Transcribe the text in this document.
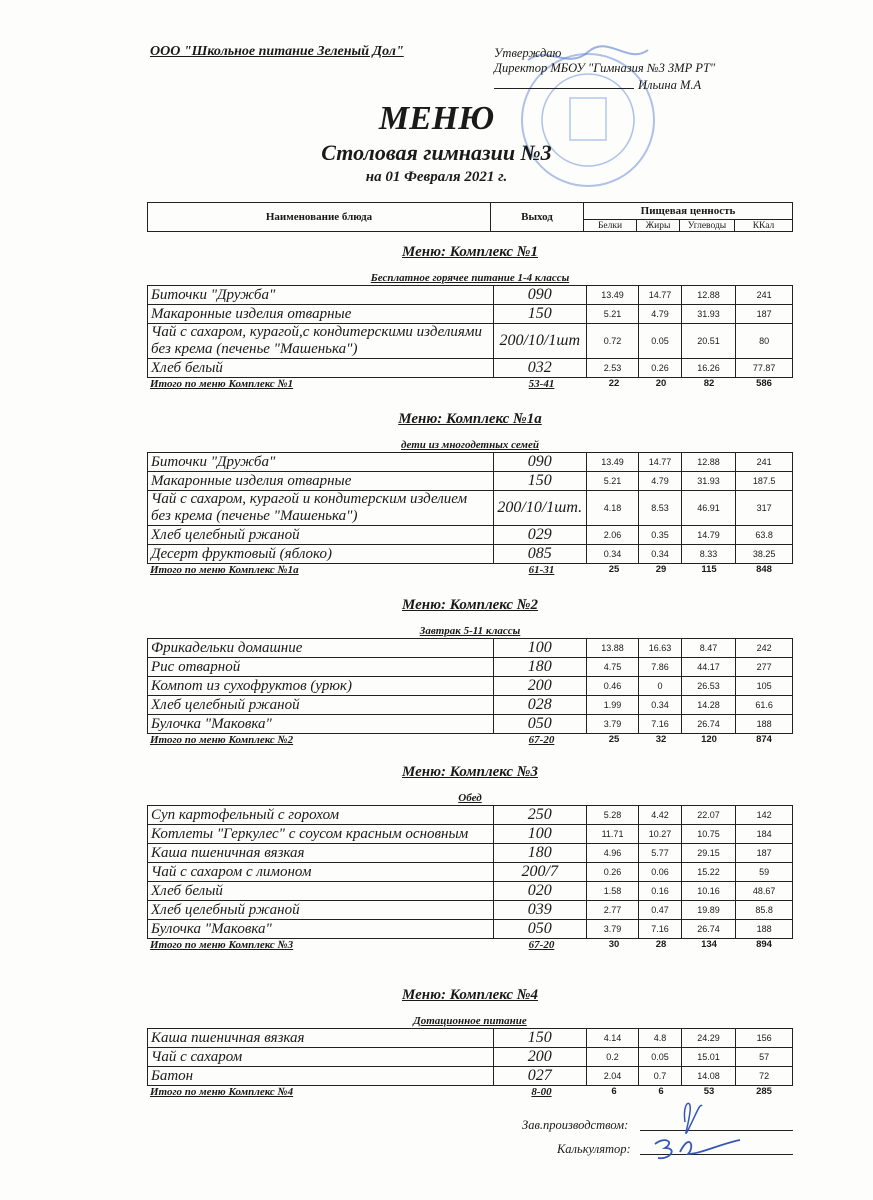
ООО "Школьное питание Зеленый Дол"	Утверждаю
Директор МБОУ "Гимназия №3 ЗМР РТ"
Ильина М.А
МЕНЮ
Столовая гимназии №3
на 01 Февраля 2021 г.
Наименование блюда	Выход	Пищевая ценность			
		Белки	Жиры	Углеводы	ККал
Меню: Комплекс №1
Бесплатное горячее питание 1-4 классы
Биточки "Дружба"	090	13.49	14.77	12.88	241
Макаронные изделия отварные	150	5.21	4.79	31.93	187
Чай с сахаром, курагой,с кондитерскими изделиями без крема (печенье "Машенька")	200/10/1шт	0.72	0.05	20.51	80
Хлеб белый	032	2.53	0.26	16.26	77.87
Итого по меню Комплекс №1	53-41	22	20	82	586
Меню: Комплекс №1а
дети из многодетных семей
Биточки "Дружба"	090	13.49	14.77	12.88	241
Макаронные изделия отварные	150	5.21	4.79	31.93	187.5
Чай с сахаром, курагой и кондитерским изделием без крема (печенье "Машенька")	200/10/1шт.	4.18	8.53	46.91	317
Хлеб целебный ржаной	029	2.06	0.35	14.79	63.8
Десерт фруктовый (яблоко)	085	0.34	0.34	8.33	38.25
Итого по меню Комплекс №1а	61-31	25	29	115	848
Меню: Комплекс №2
Завтрак 5-11 классы
Фрикадельки домашние	100	13.88	16.63	8.47	242
Рис отварной	180	4.75	7.86	44.17	277
Компот из сухофруктов (урюк)	200	0.46	0	26.53	105
Хлеб целебный ржаной	028	1.99	0.34	14.28	61.6
Булочка "Маковка"	050	3.79	7.16	26.74	188
Итого по меню Комплекс №2	67-20	25	32	120	874
Меню: Комплекс №3
Обед
Суп картофельный с горохом	250	5.28	4.42	22.07	142
Котлеты "Геркулес" с соусом красным основным	100	11.71	10.27	10.75	184
Каша пшеничная вязкая	180	4.96	5.77	29.15	187
Чай с сахаром с лимоном	200/7	0.26	0.06	15.22	59
Хлеб белый	020	1.58	0.16	10.16	48.67
Хлеб целебный ржаной	039	2.77	0.47	19.89	85.8
Булочка "Маковка"	050	3.79	7.16	26.74	188
Итого по меню Комплекс №3	67-20	30	28	134	894
Меню: Комплекс №4
Дотационное питание
Каша пшеничная вязкая	150	4.14	4.8	24.29	156
Чай с сахаром	200	0.2	0.05	15.01	57
Батон	027	2.04	0.7	14.08	72
Итого по меню Комплекс №4	8-00	6	6	53	285
Зав.производством:
Калькулятор:
